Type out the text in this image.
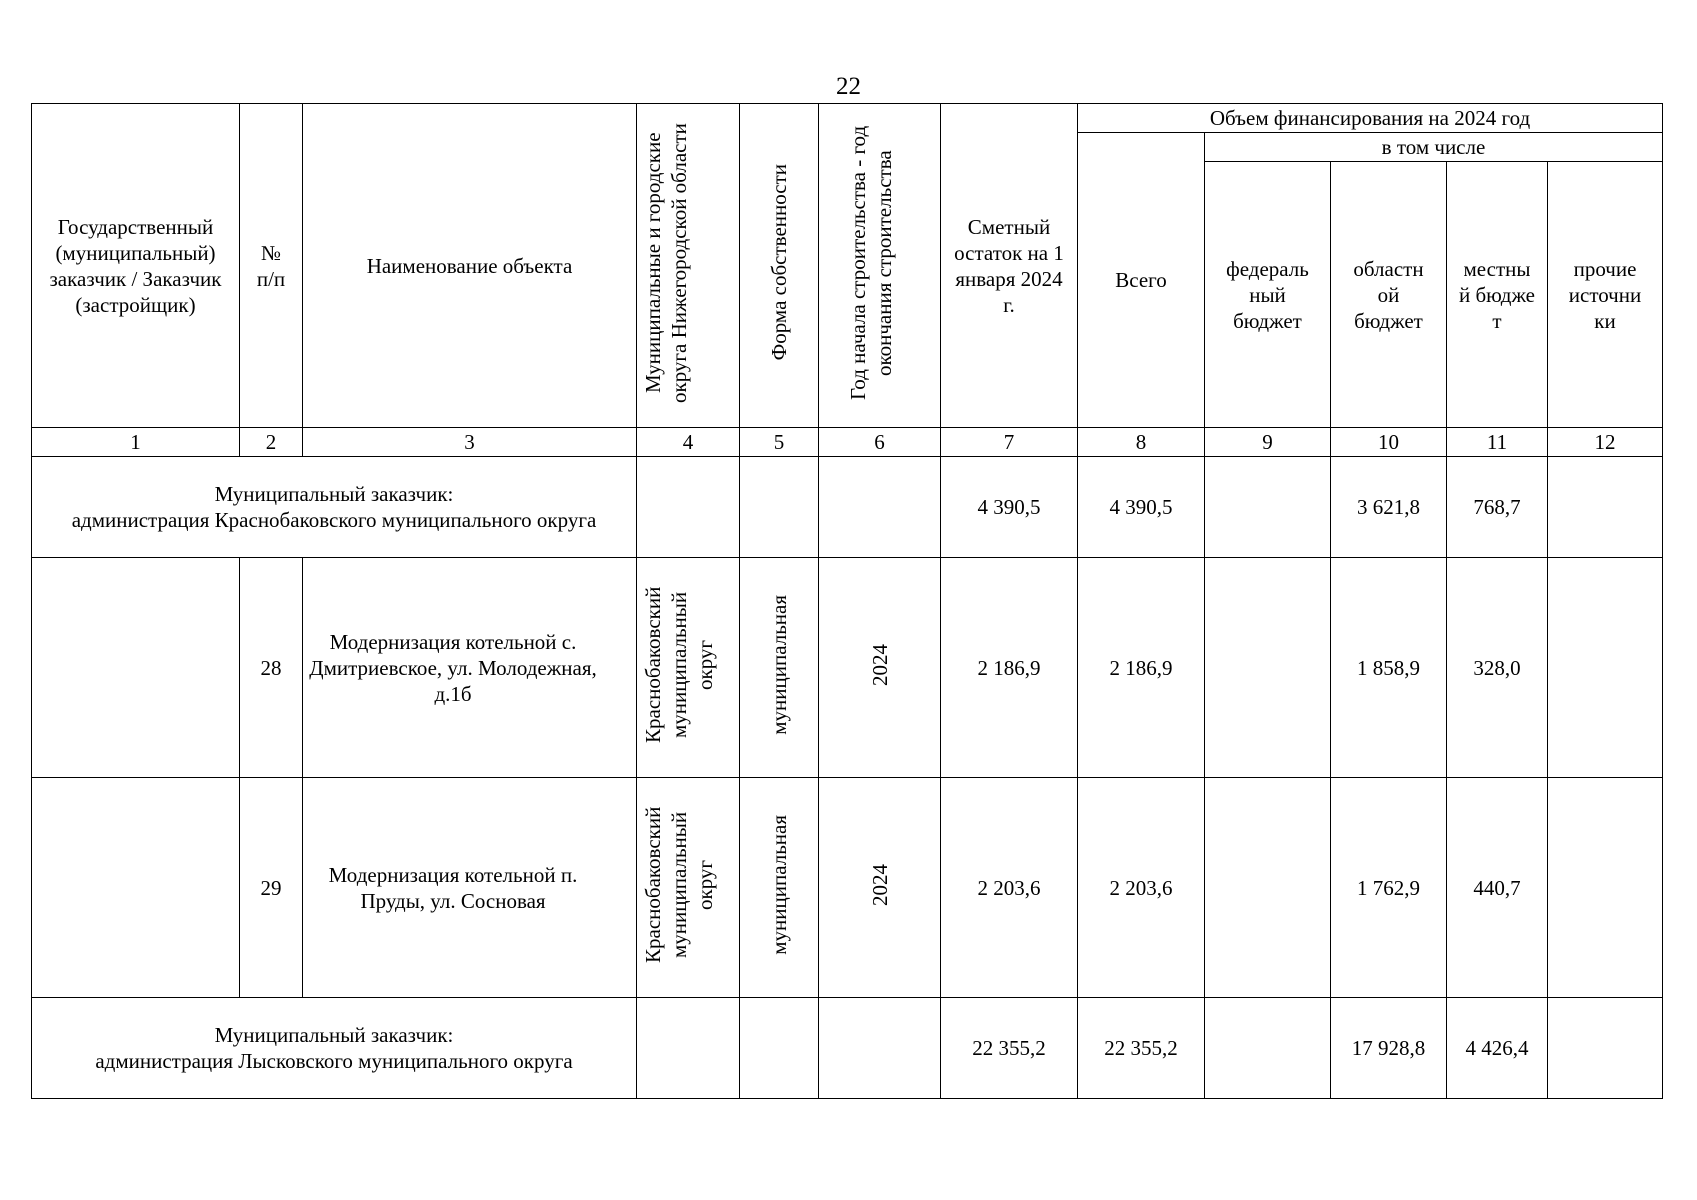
22
Государственный (муниципальный) заказчик / Заказчик (застройщик)	№ п/п	Наименование объекта	Муниципальные и городские округа Нижегородской области	Форма собственности	Год начала строительства - год окончания строительства	Сметный остаток на 1 января 2024 г.	Объем финансирования на 2024 год				
							Всего	в том числе			

								федераль ный бюджет	областн ой бюджет	местны й бюдже т	прочие источни ки

1	2	3	4	5	6	7	8	9	10	11	12

Муниципальный заказчик:
администрация Краснобаковского муниципального округа						4 390,5	4 390,5		3 621,8	768,7	
	28	Модернизация котельной с. Дмитриевское, ул. Молодежная, д.1б	Краснобаковский муниципальный округ	муниципальная	2024	2 186,9	2 186,9		1 858,9	328,0	
	29	Модернизация котельной п. Пруды, ул. Сосновая	Краснобаковский муниципальный округ	муниципальная	2024	2 203,6	2 203,6		1 762,9	440,7	

Муниципальный заказчик:
администрация Лысковского муниципального округа						22 355,2	22 355,2		17 928,8	4 426,4	
